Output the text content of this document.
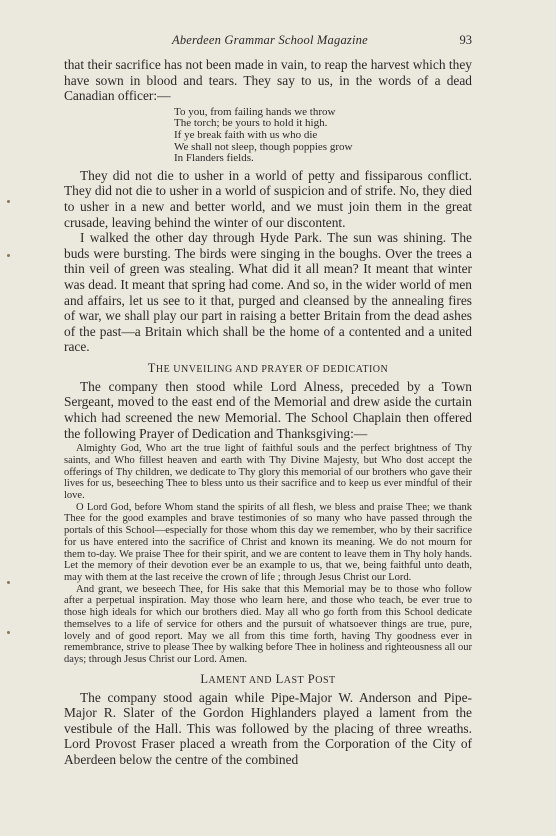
Aberdeen Grammar School Magazine	93

that their sacrifice has not been made in vain, to reap the harvest which they have sown in blood and tears. They say to us, in the words of a dead Canadian officer:—

To you, from failing hands we throw
The torch; be yours to hold it high.
If ye break faith with us who die
We shall not sleep, though poppies grow
In Flanders fields.

They did not die to usher in a world of petty and fissiparous conflict. They did not die to usher in a world of suspicion and of strife. No, they died to usher in a new and better world, and we must join them in the great crusade, leaving behind the winter of our discontent.

I walked the other day through Hyde Park. The sun was shining. The buds were bursting. The birds were singing in the boughs. Over the trees a thin veil of green was stealing. What did it all mean? It meant that winter was dead. It meant that spring had come. And so, in the wider world of men and affairs, let us see to it that, purged and cleansed by the annealing fires of war, we shall play our part in raising a better Britain from the dead ashes of the past—a Britain which shall be the home of a contented and a united race.

THE UNVEILING AND PRAYER OF DEDICATION

The company then stood while Lord Alness, preceded by a Town Sergeant, moved to the east end of the Memorial and drew aside the curtain which had screened the new Memorial. The School Chaplain then offered the following Prayer of Dedication and Thanksgiving:—

Almighty God, Who art the true light of faithful souls and the perfect brightness of Thy saints, and Who fillest heaven and earth with Thy Divine Majesty, but Who dost accept the offerings of Thy children, we dedicate to Thy glory this memorial of our brothers who gave their lives for us, beseeching Thee to bless unto us their sacrifice and to keep us ever mindful of their love.

O Lord God, before Whom stand the spirits of all flesh, we bless and praise Thee; we thank Thee for the good examples and brave testimonies of so many who have passed through the portals of this School—especially for those whom this day we remember, who by their sacrifice for us have entered into the sacrifice of Christ and known its meaning. We do not mourn for them to-day. We praise Thee for their spirit, and we are content to leave them in Thy holy hands. Let the memory of their devotion ever be an example to us, that we, being faithful unto death, may with them at the last receive the crown of life ; through Jesus Christ our Lord.

And grant, we beseech Thee, for His sake that this Memorial may be to those who follow after a perpetual inspiration. May those who learn here, and those who teach, be ever true to those high ideals for which our brothers died. May all who go forth from this School dedicate themselves to a life of service for others and the pursuit of whatsoever things are true, pure, lovely and of good report. May we all from this time forth, having Thy goodness ever in remembrance, strive to please Thee by walking before Thee in holiness and righteousness all our days; through Jesus Christ our Lord. Amen.

LAMENT AND LAST POST

The company stood again while Pipe-Major W. Anderson and Pipe-Major R. Slater of the Gordon Highlanders played a lament from the vestibule of the Hall. This was followed by the placing of three wreaths. Lord Provost Fraser placed a wreath from the Corporation of the City of Aberdeen below the centre of the combined
